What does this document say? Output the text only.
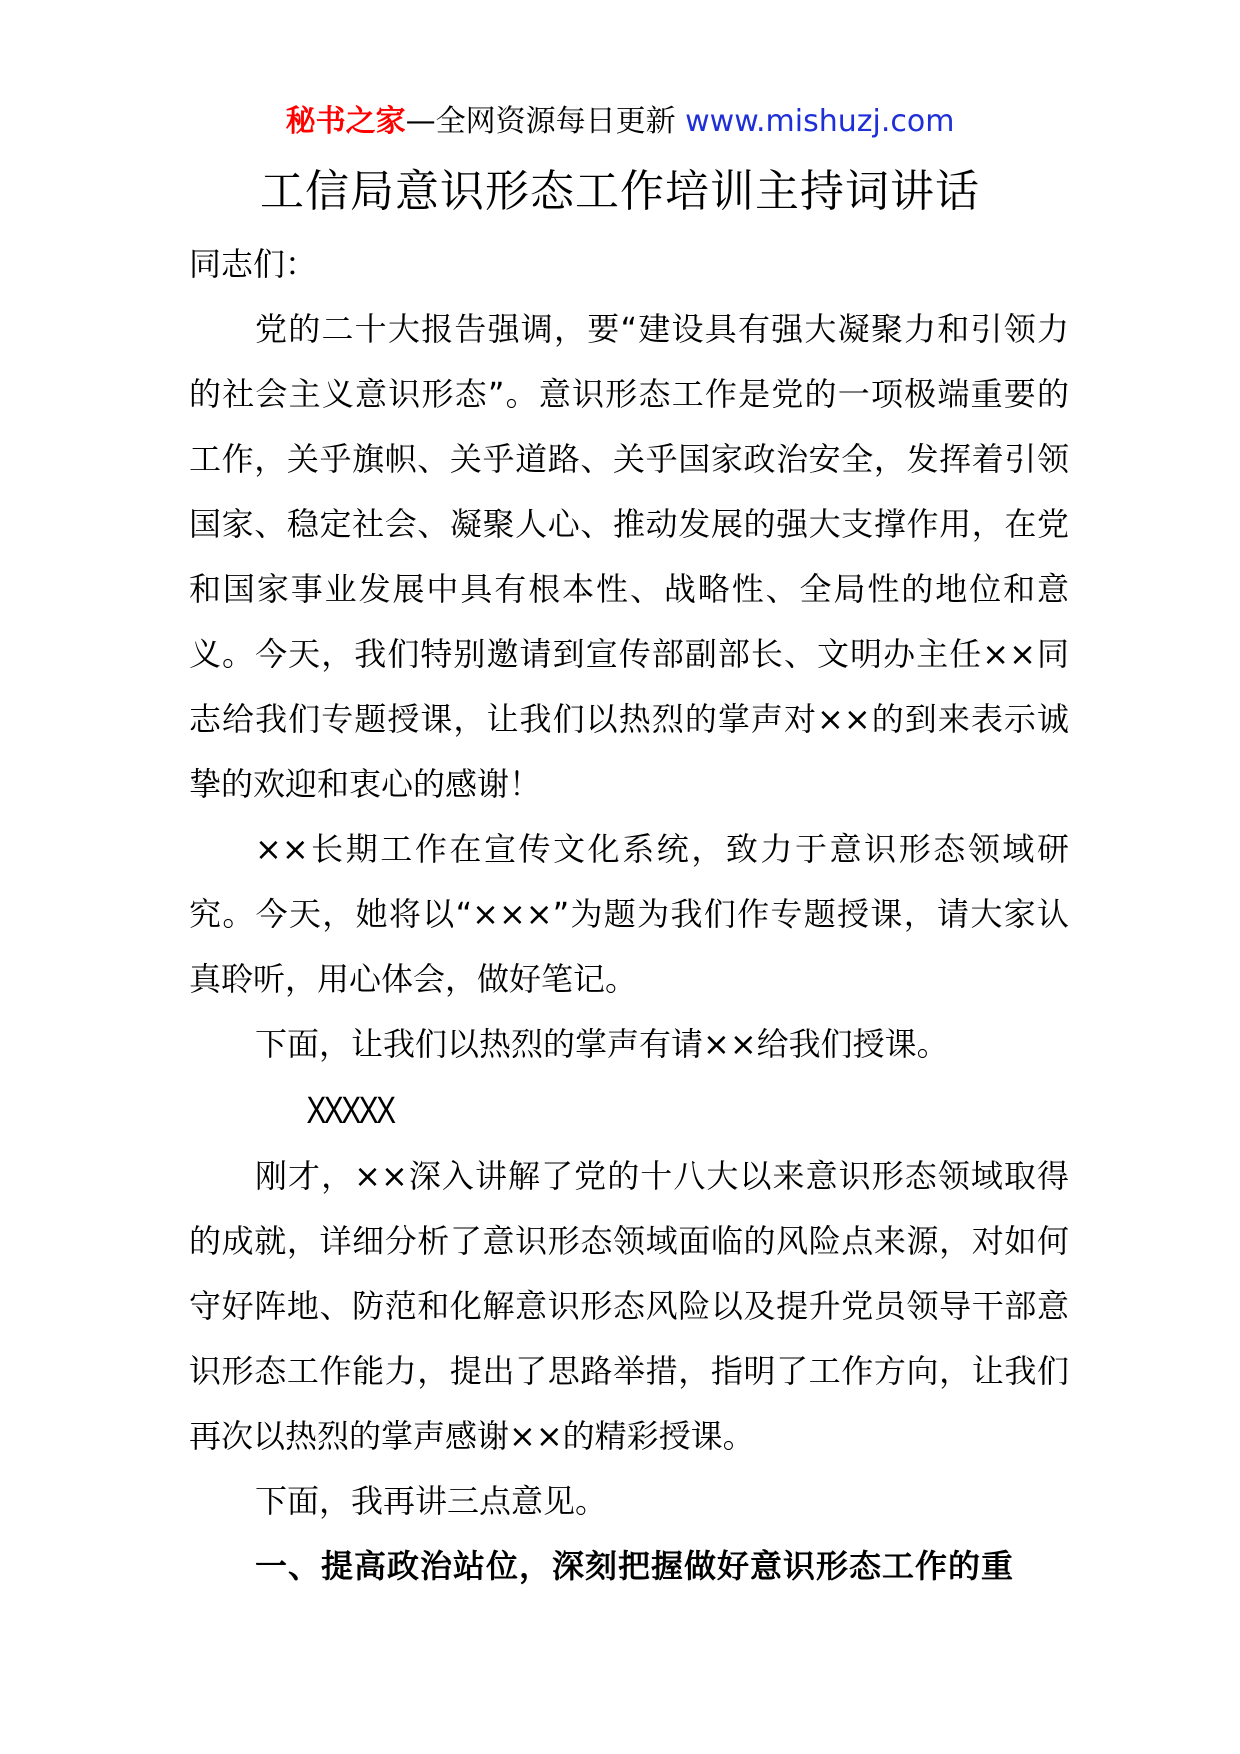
秘书之家—全网资源每日更新 www.mishuzj.com
工信局意识形态工作培训主持词讲话

同志们：

党的二十大报告强调，要“建设具有强大凝聚力和引领力的社会主义意识形态”。意识形态工作是党的一项极端重要的工作，关乎旗帜、关乎道路、关乎国家政治安全，发挥着引领国家、稳定社会、凝聚人心、推动发展的强大支撑作用，在党和国家事业发展中具有根本性、战略性、全局性的地位和意义。今天，我们特别邀请到宣传部副部长、文明办主任××同志给我们专题授课，让我们以热烈的掌声对××的到来表示诚挚的欢迎和衷心的感谢！

××长期工作在宣传文化系统，致力于意识形态领域研究。今天，她将以“×××”为题为我们作专题授课，请大家认真聆听，用心体会，做好笔记。

下面，让我们以热烈的掌声有请××给我们授课。

XXXXX

刚才，××深入讲解了党的十八大以来意识形态领域取得的成就，详细分析了意识形态领域面临的风险点来源，对如何守好阵地、防范和化解意识形态风险以及提升党员领导干部意识形态工作能力，提出了思路举措，指明了工作方向，让我们再次以热烈的掌声感谢××的精彩授课。

下面，我再讲三点意见。

一、提高政治站位，深刻把握做好意识形态工作的重
